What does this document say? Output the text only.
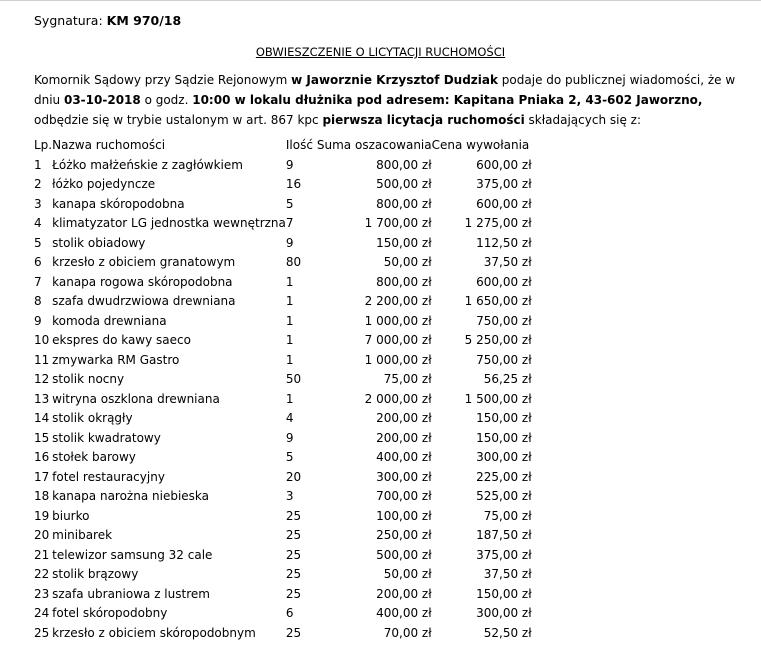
Sygnatura: KM 970/18
OBWIESZCZENIE O LICYTACJI RUCHOMOŚCI
Komornik Sądowy przy Sądzie Rejonowym w Jaworznie Krzysztof Dudziak podaje do publicznej wiadomości, że w
dniu 03-10-2018 o godz. 10:00 w lokalu dłużnika pod adresem: Kapitana Pniaka 2, 43-602 Jaworzno,
odbędzie się w trybie ustalonym w art. 867 kpc pierwsza licytacja ruchomości składających się z:
Lp.	Nazwa ruchomości	Ilość	Suma oszacowania	Cena wywołania
1	Łóżko małżeńskie z zagłówkiem	9	800,00 zł	600,00 zł
2	łóżko pojedyncze	16	500,00 zł	375,00 zł
3	kanapa skóropodobna	5	800,00 zł	600,00 zł
4	klimatyzator LG jednostka wewnętrzna	7	1 700,00 zł	1 275,00 zł
5	stolik obiadowy	9	150,00 zł	112,50 zł
6	krzesło z obiciem granatowym	80	50,00 zł	37,50 zł
7	kanapa rogowa skóropodobna	1	800,00 zł	600,00 zł
8	szafa dwudrzwiowa drewniana	1	2 200,00 zł	1 650,00 zł
9	komoda drewniana	1	1 000,00 zł	750,00 zł
10	ekspres do kawy saeco	1	7 000,00 zł	5 250,00 zł
11	zmywarka RM Gastro	1	1 000,00 zł	750,00 zł
12	stolik nocny	50	75,00 zł	56,25 zł
13	witryna oszklona drewniana	1	2 000,00 zł	1 500,00 zł
14	stolik okrągły	4	200,00 zł	150,00 zł
15	stolik kwadratowy	9	200,00 zł	150,00 zł
16	stołek barowy	5	400,00 zł	300,00 zł
17	fotel restauracyjny	20	300,00 zł	225,00 zł
18	kanapa narożna niebieska	3	700,00 zł	525,00 zł
19	biurko	25	100,00 zł	75,00 zł
20	minibarek	25	250,00 zł	187,50 zł
21	telewizor samsung 32 cale	25	500,00 zł	375,00 zł
22	stolik brązowy	25	50,00 zł	37,50 zł
23	szafa ubraniowa z lustrem	25	200,00 zł	150,00 zł
24	fotel skóropodobny	6	400,00 zł	300,00 zł
25	krzesło z obiciem skóropodobnym	25	70,00 zł	52,50 zł
